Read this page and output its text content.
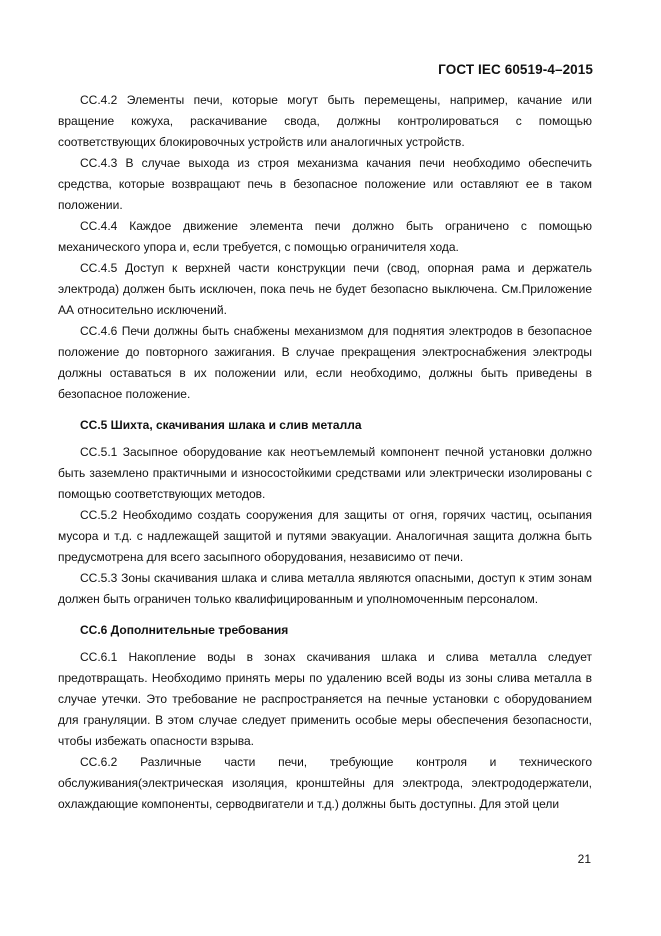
ГОСТ IEC 60519-4–2015

CC.4.2 Элементы печи, которые могут быть перемещены, например, качание или вращение кожуха, раскачивание свода, должны контролироваться с помощью соответствующих блокировочных устройств или аналогичных устройств.

CC.4.3 В случае выхода из строя механизма качания печи необходимо обеспечить средства, которые возвращают печь в безопасное положение или оставляют ее в таком положении.

CC.4.4 Каждое движение элемента печи должно быть ограничено с помощью механического упора и, если требуется, с помощью ограничителя хода.

CC.4.5 Доступ к верхней части конструкции печи (свод, опорная рама и держатель электрода) должен быть исключен, пока печь не будет безопасно выключена. См.Приложение АА относительно исключений.

CC.4.6 Печи должны быть снабжены механизмом для поднятия электродов в безопасное положение до повторного зажигания. В случае прекращения электроснабжения электроды должны оставаться в их положении или, если необходимо, должны быть приведены в безопасное положение.

CC.5 Шихта, скачивания шлака и слив металла

CC.5.1 Засыпное оборудование как неотъемлемый компонент печной установки должно быть заземлено практичными и износостойкими средствами или электрически изолированы с помощью соответствующих методов.

CC.5.2 Необходимо создать сооружения для защиты от огня, горячих частиц, осыпания мусора и т.д. с надлежащей защитой и путями эвакуации. Аналогичная защита должна быть предусмотрена для всего засыпного оборудования, независимо от печи.

CC.5.3 Зоны скачивания шлака и слива металла являются опасными, доступ к этим зонам должен быть ограничен только квалифицированным и уполномоченным персоналом.

CC.6 Дополнительные требования

CC.6.1 Накопление воды в зонах скачивания шлака и слива металла следует предотвращать. Необходимо принять меры по удалению всей воды из зоны слива металла в случае утечки. Это требование не распространяется на печные установки с оборудованием для грануляции. В этом случае следует применить особые меры обеспечения безопасности, чтобы избежать опасности взрыва.

CC.6.2 Различные части печи, требующие контроля и технического обслуживания(электрическая изоляция, кронштейны для электрода, электрододержатели, охлаждающие компоненты, серводвигатели и т.д.) должны быть доступны. Для этой цели

21
